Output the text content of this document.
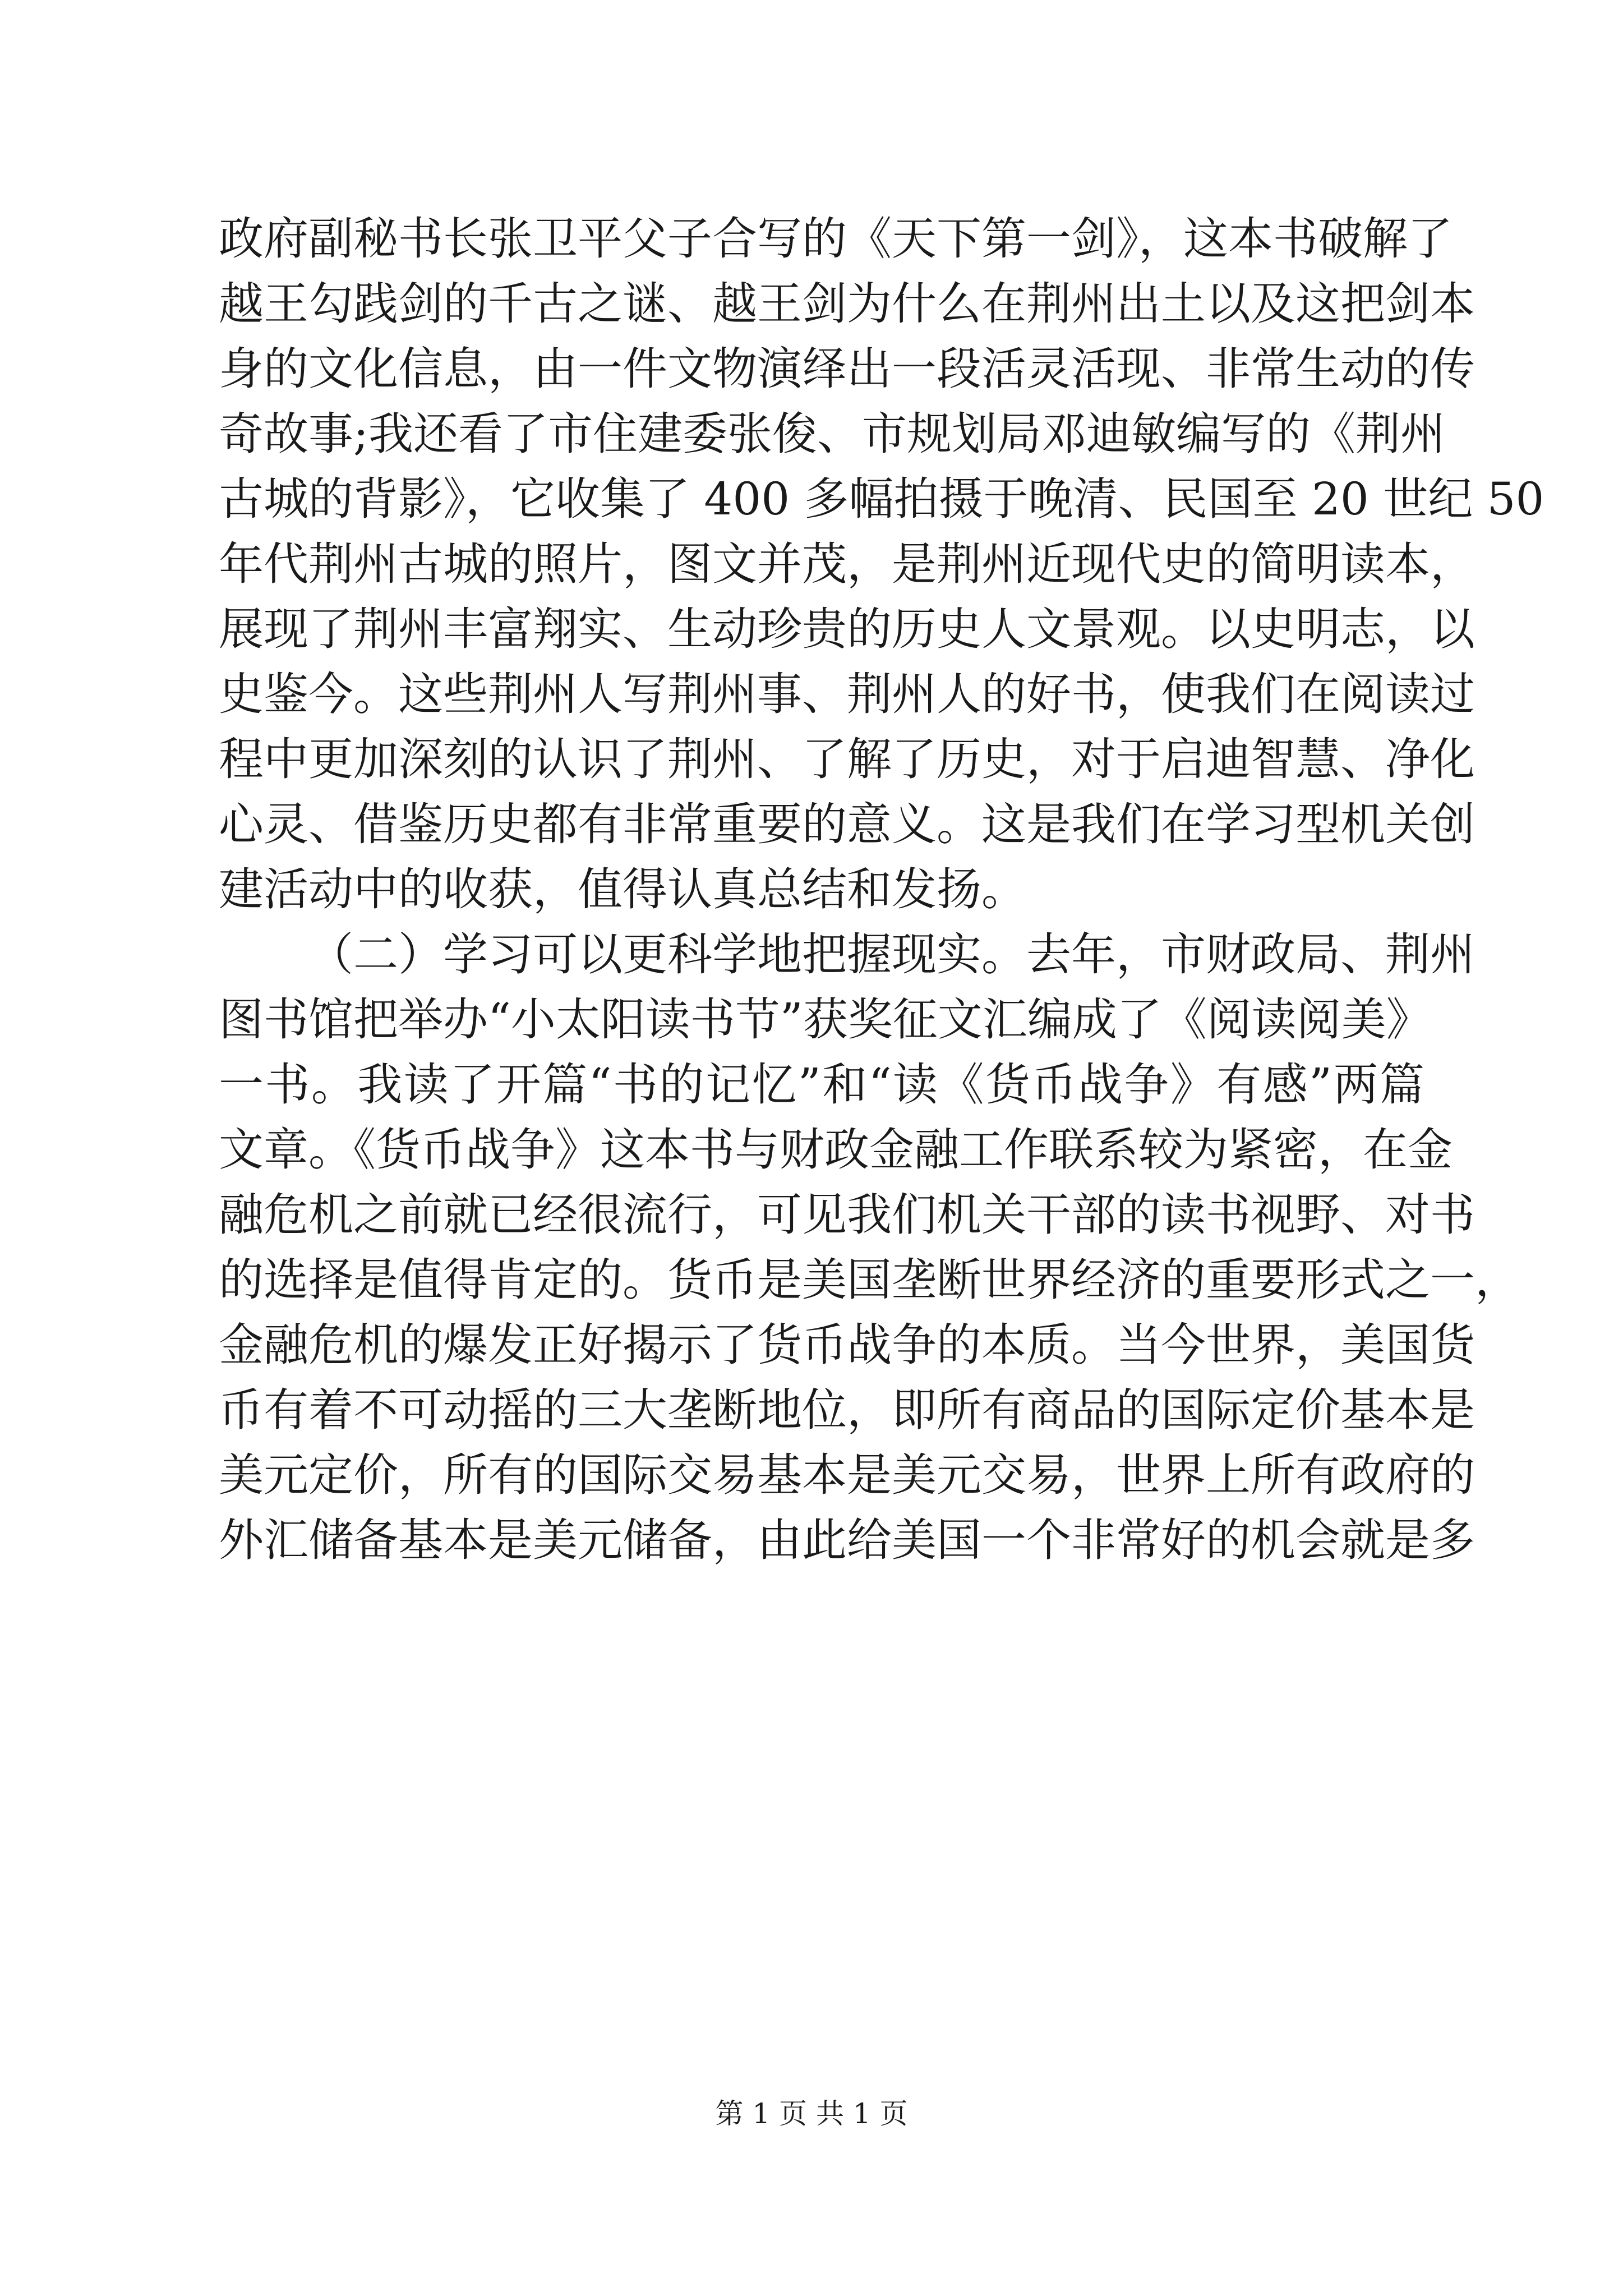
政府副秘书长张卫平父子合写的《天下第一剑》，这本书破解了
越王勾践剑的千古之谜、越王剑为什么在荆州出土以及这把剑本
身的文化信息，由一件文物演绎出一段活灵活现、非常生动的传
奇故事;我还看了市住建委张俊、市规划局邓迪敏编写的《荆州
古城的背影》，它收集了 400 多幅拍摄于晚清、民国至 20 世纪 50
年代荆州古城的照片，图文并茂，是荆州近现代史的简明读本，
展现了荆州丰富翔实、生动珍贵的历史人文景观。以史明志，以
史鉴今。这些荆州人写荆州事、荆州人的好书，使我们在阅读过
程中更加深刻的认识了荆州、了解了历史，对于启迪智慧、净化
心灵、借鉴历史都有非常重要的意义。这是我们在学习型机关创
建活动中的收获，值得认真总结和发扬。
（二）学习可以更科学地把握现实。去年，市财政局、荆州
图书馆把举办“小太阳读书节”获奖征文汇编成了《阅读阅美》
一书。我读了开篇“书的记忆”和“读《货币战争》有感”两篇
文章。《货币战争》这本书与财政金融工作联系较为紧密，在金
融危机之前就已经很流行，可见我们机关干部的读书视野、对书
的选择是值得肯定的。货币是美国垄断世界经济的重要形式之一，
金融危机的爆发正好揭示了货币战争的本质。当今世界，美国货
币有着不可动摇的三大垄断地位，即所有商品的国际定价基本是
美元定价，所有的国际交易基本是美元交易，世界上所有政府的
外汇储备基本是美元储备，由此给美国一个非常好的机会就是多
第 1 页 共 1 页
